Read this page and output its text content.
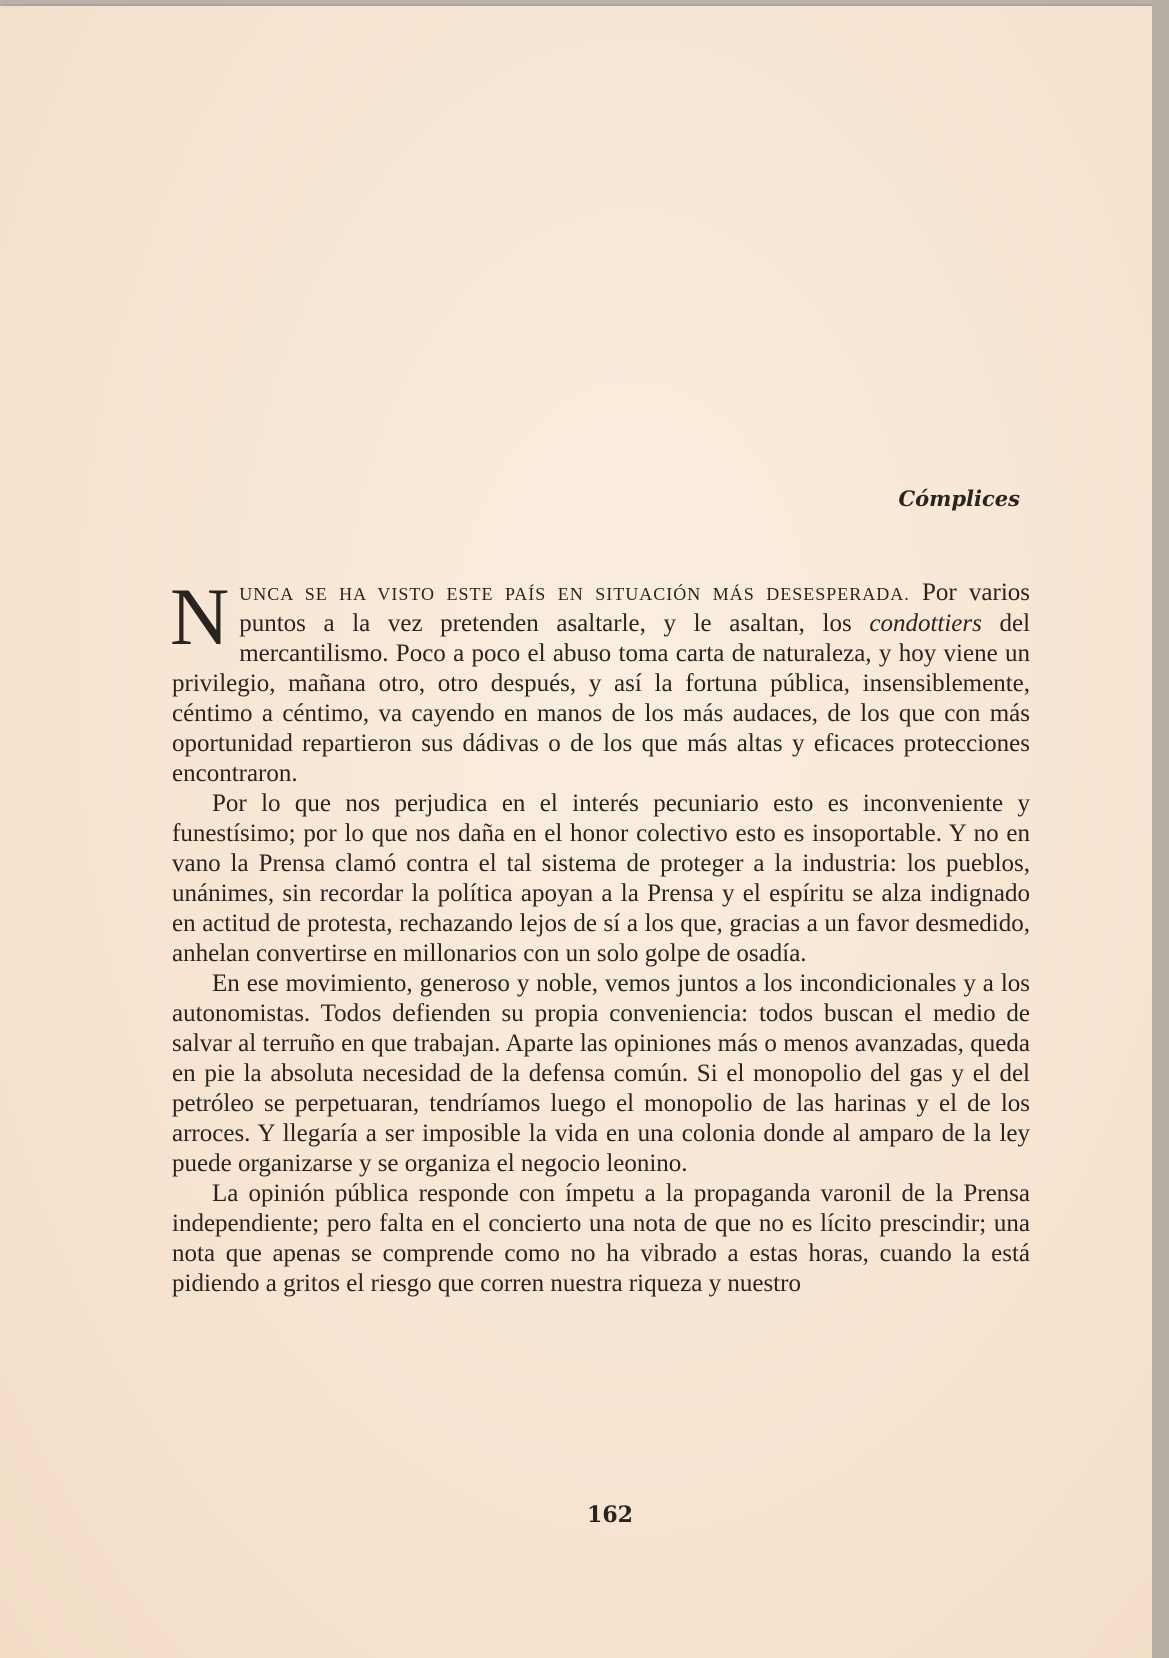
Cómplices

NUNCA SE HA VISTO ESTE PAÍS EN SITUACIÓN MÁS DESESPERADA. Por varios puntos a la vez pretenden asaltarle, y le asaltan, los condottiers del mercantilismo. Poco a poco el abuso toma carta de naturaleza, y hoy viene un privilegio, mañana otro, otro después, y así la fortuna pública, insensiblemente, céntimo a céntimo, va cayendo en manos de los más audaces, de los que con más oportunidad repartieron sus dádivas o de los que más altas y eficaces protecciones encontraron.

Por lo que nos perjudica en el interés pecuniario esto es inconveniente y funestísimo; por lo que nos daña en el honor colectivo esto es insoportable. Y no en vano la Prensa clamó contra el tal sistema de proteger a la industria: los pueblos, unánimes, sin recordar la política apoyan a la Prensa y el espíritu se alza indignado en actitud de protesta, rechazando lejos de sí a los que, gracias a un favor desmedido, anhelan convertirse en millonarios con un solo golpe de osadía.

En ese movimiento, generoso y noble, vemos juntos a los incondicionales y a los autonomistas. Todos defienden su propia conveniencia: todos buscan el medio de salvar al terruño en que trabajan. Aparte las opiniones más o menos avanzadas, queda en pie la absoluta necesidad de la defensa común. Si el monopolio del gas y el del petróleo se perpetuaran, tendríamos luego el monopolio de las harinas y el de los arroces. Y llegaría a ser imposible la vida en una colonia donde al amparo de la ley puede organizarse y se organiza el negocio leonino.

La opinión pública responde con ímpetu a la propaganda varonil de la Prensa independiente; pero falta en el concierto una nota de que no es lícito prescindir; una nota que apenas se comprende como no ha vibrado a estas horas, cuando la está pidiendo a gritos el riesgo que corren nuestra riqueza y nuestro

162
